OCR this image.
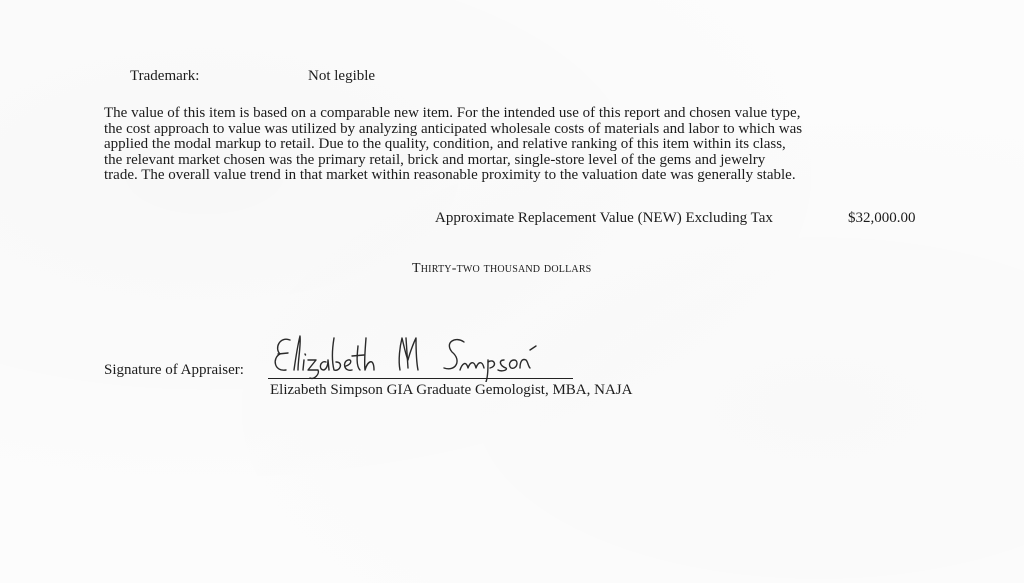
Trademark:	Not legible
The value of this item is based on a comparable new item. For the intended use of this report and chosen value type,
the cost approach to value was utilized by analyzing anticipated wholesale costs of materials and labor to which was
applied the modal markup to retail. Due to the quality, condition, and relative ranking of this item within its class,
the relevant market chosen was the primary retail, brick and mortar, single-store level of the gems and jewelry
trade. The overall value trend in that market within reasonable proximity to the valuation date was generally stable.
Approximate Replacement Value (NEW) Excluding Tax	$32,000.00
Thirty-two thousand dollars
Signature of Appraiser:
Elizabeth Simpson GIA Graduate Gemologist, MBA, NAJA
